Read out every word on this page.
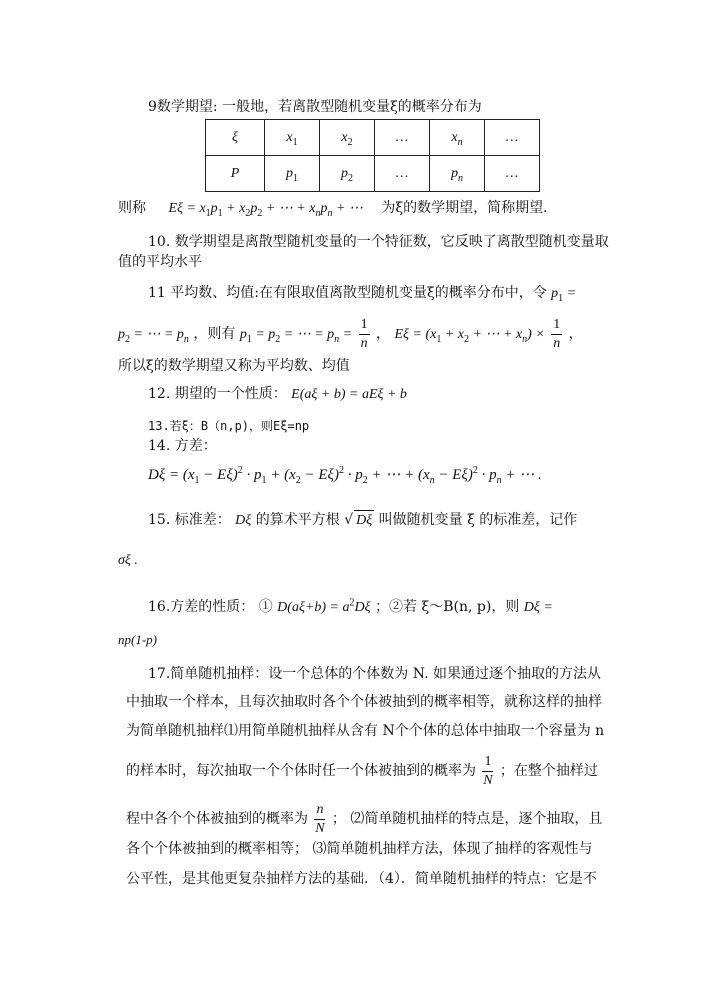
9数学期望: 一般地，若离散型随机变量ξ的概率分布为
ξ	$x_1$	$x_2$	…	$x_n$	…
P	$p_1$	$p_2$	…	$p_n$	…
则称 $E\xi = x_1p_1 + x_2p_2$ + ⋯ + $x_np_n$ + ⋯ 为ξ的数学期望，简称期望．
10. 数学期望是离散型随机变量的一个特征数，它反映了离散型随机变量取
值的平均水平
11 平均数、均值:在有限取值离散型随机变量ξ的概率分布中，令 $p_1$ =
$p_2$ = ⋯ = $p_n$ ，则有 $p_1 = p_2$ = ⋯ = $p_n = \frac{1}{n}$ ， $E\xi = (x_1 + x_2$ + ⋯ + $x_n) \times \frac{1}{n}$ ，
所以ξ的数学期望又称为平均数、均值
12. 期望的一个性质： E(aξ + b) = aEξ + b
13.若ξ：B（n,p)，则Eξ=np
14. 方差：
$D\xi = (x_1 - E\xi)^2 \cdot p_1 + (x_2 - E\xi)^2 \cdot p_2$ + ⋯ + $(x_n - E\xi)^2 \cdot p_n$ + ⋯ .
15. 标准差： Dξ 的算术平方根 √ Dξ 叫做随机变量 ξ 的标准差，记作
σξ .
16.方差的性质： ① $D(a\xi+b) = a^2D\xi$ ；②若 ξ～B(n, p)，则 Dξ =
np(1-p)
17.简单随机抽样：设一个总体的个体数为 N. 如果通过逐个抽取的方法从
中抽取一个样本，且每次抽取时各个个体被抽到的概率相等，就称这样的抽样
为简单随机抽样⑴用简单随机抽样从含有 N个个体的总体中抽取一个容量为 n
的样本时，每次抽取一个个体时任一个体被抽到的概率为 $\frac{1}{N}$ ；在整个抽样过
程中各个个体被抽到的概率为 $\frac{n}{N}$ ； ⑵简单随机抽样的特点是，逐个抽取，且
各个个体被抽到的概率相等； ⑶简单随机抽样方法，体现了抽样的客观性与
公平性，是其他更复杂抽样方法的基础．（4）．简单随机抽样的特点：它是不
